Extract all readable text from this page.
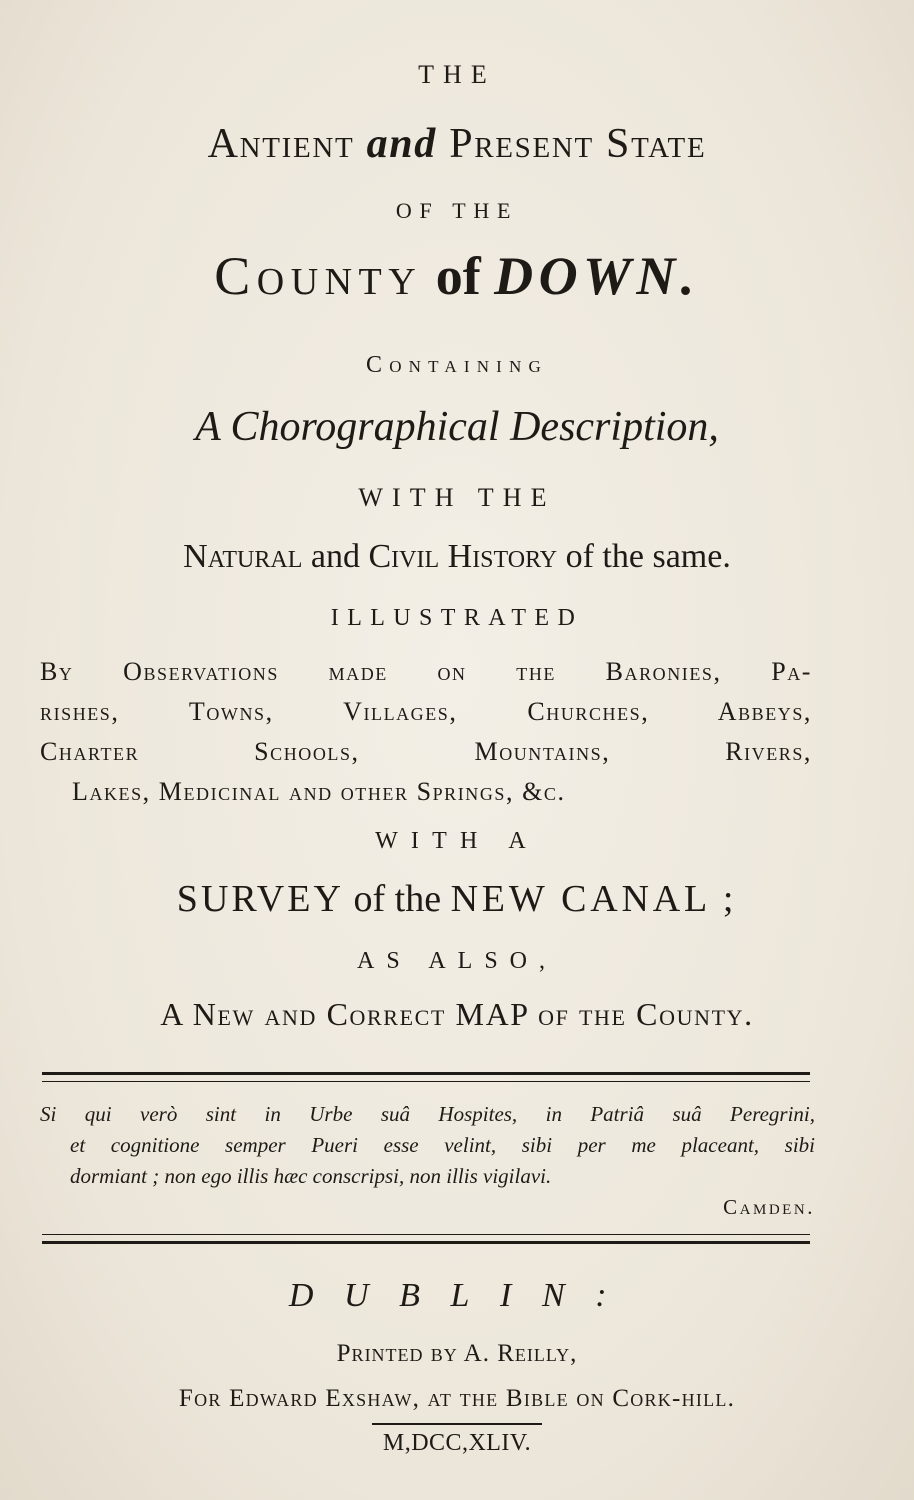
THE
Antient and Present State
OF THE
County of DOWN.
Containing
A Chorographical Description,
WITH THE
Natural and Civil History of the same.
ILLUSTRATED
By Observations made on the Baronies, Pa-
rishes, Towns, Villages, Churches, Abbeys,
Charter Schools, Mountains, Rivers,
Lakes, Medicinal and other Springs, &c.
WITH A
SURVEY of the NEW CANAL ;
AS ALSO,
A New and Correct MAP of the County.
Si qui verò sint in Urbe suâ Hospites, in Patriâ suâ Peregrini,
et cognitione semper Pueri esse velint, sibi per me placeant, sibi
dormiant ; non ego illis hæc conscripsi, non illis vigilavi.
Camden.
DUBLIN:
Printed by A. Reilly,
For Edward Exshaw, at the Bible on Cork-hill.
M,DCC,XLIV.
